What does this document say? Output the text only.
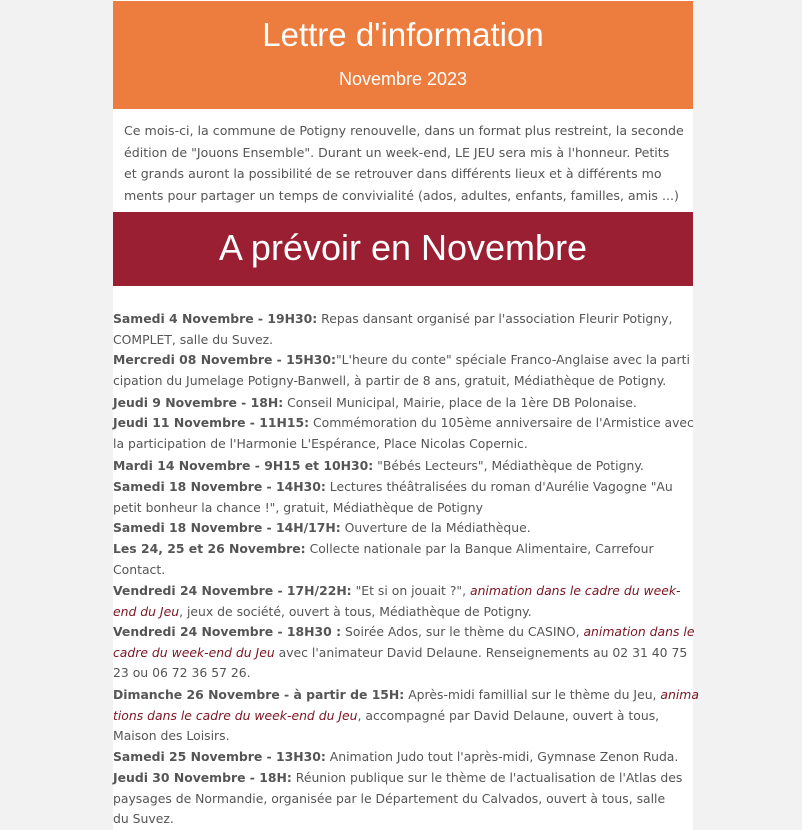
Lettre d'information
Novembre 2023
Ce mois-ci, la commune de Potigny renouvelle, dans un format plus restreint, la seconde
édition de "Jouons Ensemble". Durant un week-end, LE JEU sera mis à l'honneur. Petits
et grands auront la possibilité de se retrouver dans différents lieux et à différents mo
ments pour partager un temps de convivialité (ados, adultes, enfants, familles, amis ...)
A prévoir en Novembre
Samedi 4 Novembre - 19H30: Repas dansant organisé par l'association Fleurir Potigny,
COMPLET, salle du Suvez.
Mercredi 08 Novembre - 15H30:"L'heure du conte" spéciale Franco-Anglaise avec la parti
cipation du Jumelage Potigny-Banwell, à partir de 8 ans, gratuit, Médiathèque de Potigny.
Jeudi 9 Novembre - 18H: Conseil Municipal, Mairie, place de la 1ère DB Polonaise.
Jeudi 11 Novembre - 11H15: Commémoration du 105ème anniversaire de l'Armistice avec
la participation de l'Harmonie L'Espérance, Place Nicolas Copernic.
Mardi 14 Novembre - 9H15 et 10H30: "Bébés Lecteurs", Médiathèque de Potigny.
Samedi 18 Novembre - 14H30: Lectures théâtralisées du roman d'Aurélie Vagogne "Au
petit bonheur la chance !", gratuit, Médiathèque de Potigny
Samedi 18 Novembre - 14H/17H: Ouverture de la Médiathèque.
Les 24, 25 et 26 Novembre: Collecte nationale par la Banque Alimentaire, Carrefour
Contact.
Vendredi 24 Novembre - 17H/22H: "Et si on jouait ?", animation dans le cadre du week-
end du Jeu, jeux de société, ouvert à tous, Médiathèque de Potigny.
Vendredi 24 Novembre - 18H30 : Soirée Ados, sur le thème du CASINO, animation dans le
cadre du week-end du Jeu avec l'animateur David Delaune. Renseignements au 02 31 40 75
23 ou 06 72 36 57 26.
Dimanche 26 Novembre - à partir de 15H: Après-midi famillial sur le thème du Jeu, anima
tions dans le cadre du week-end du Jeu, accompagné par David Delaune, ouvert à tous,
Maison des Loisirs.
Samedi 25 Novembre - 13H30: Animation Judo tout l'après-midi, Gymnase Zenon Ruda.
Jeudi 30 Novembre - 18H: Réunion publique sur le thème de l'actualisation de l'Atlas des
paysages de Normandie, organisée par le Département du Calvados, ouvert à tous, salle
du Suvez.
